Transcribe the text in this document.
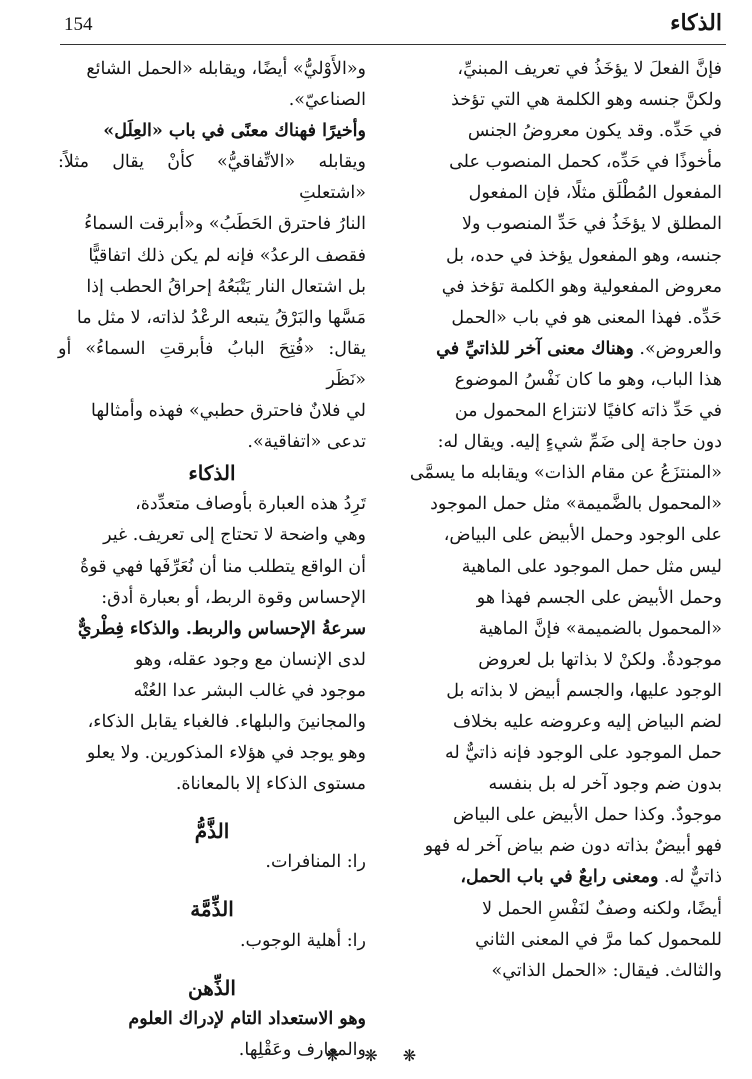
154	الذكاء

فإنَّ الفعلَ لا يؤخَذُ في تعريف المبنيِّ،

ولكنَّ جنسه وهو الكلمة هي التي تؤخذ

في حَدِّه. وقد يكون معروضُ الجنس

مأخوذًا في حَدِّه، كحمل المنصوب على

المفعول المُطْلَق مثلًا، فإن المفعول

المطلق لا يؤخَذُ في حَدِّ المنصوب ولا

جنسه، وهو المفعول يؤخذ في حده، بل

معروض المفعولية وهو الكلمة تؤخذ في

حَدِّه. فهذا المعنى هو في باب «الحمل

والعروض». وهناك معنى آخر للذاتيِّ في

هذا الباب، وهو ما كان نَفْسُ الموضوع

في حَدِّ ذاته كافيًا لانتزاع المحمول من

دون حاجة إلى ضَمِّ شيءٍ إليه. ويقال له:

«المنتزَعُ عن مقام الذات» ويقابله ما يسمَّى

«المحمول بالضَّميمة» مثل حمل الموجود

على الوجود وحمل الأبيض على البياض،

ليس مثل حمل الموجود على الماهية

وحمل الأبيض على الجسم فهذا هو

«المحمول بالضميمة» فإنَّ الماهية

موجودةٌ. ولكنْ لا بذاتها بل لعروض

الوجود عليها، والجسم أبيض لا بذاته بل

لضم البياض إليه وعروضه عليه بخلاف

حمل الموجود على الوجود فإنه ذاتيٌّ له

بدون ضم وجود آخر له بل بنفسه

موجودٌ. وكذا حمل الأبيض على البياض

فهو أبيضٌ بذاته دون ضم بياض آخر له فهو

ذاتيٌّ له. ومعنى رابعٌ في باب الحمل،

أيضًا، ولكنه وصفٌ لنَفْسِ الحمل لا

للمحمول كما مرَّ في المعنى الثاني

والثالث. فيقال: «الحمل الذاتي»

و«الأَوْليُّ» أيضًا، ويقابله «الحمل الشائع

الصناعيّ».

وأخيرًا فهناك معنًى في باب «العِلَل»

ويقابله «الاتِّفاقيُّ» كأنْ يقال مثلاً: «اشتعلتِ

النارُ فاحترق الحَطَبُ» و«أبرقت السماءُ

فقصف الرعدُ» فإنه لم يكن ذلك اتفاقيًّا

بل اشتعال النار يَتْبَعُهُ إحراقُ الحطب إذا

مَسَّها والبَرْقُ يتبعه الرعْدُ لذاته، لا مثل ما

يقال: «فُتِحَ البابُ فأبرقتِ السماءُ» أو «نَظَر

لي فلانٌ فاحترق حطبي» فهذه وأمثالها

تدعى «اتفاقية».

الذكاء

تَرِدُ هذه العبارة بأوصاف متعدِّدة،

وهي واضحة لا تحتاج إلى تعريف. غير

أن الواقع يتطلب منا أن نُعَرِّفَها فهي قوةُ

الإحساس وقوة الربط، أو بعبارة أدق:

سرعةُ الإحساس والربط. والذكاء فِطْريٌّ

لدى الإنسان مع وجود عقله، وهو

موجود في غالب البشر عدا العُتْه

والمجانينَ والبلهاء. فالغباء يقابل الذكاء،

وهو يوجد في هؤلاء المذكورين. ولا يعلو

مستوى الذكاء إلا بالمعاناة.

الذَّمُّ

را: المنافرات.

الذِّمَّة

را: أهلية الوجوب.

الذِّهن

وهو الاستعداد التام لإدراك العلوم

والمعارف وعَقْلِها.

❋ ❋ ❋
